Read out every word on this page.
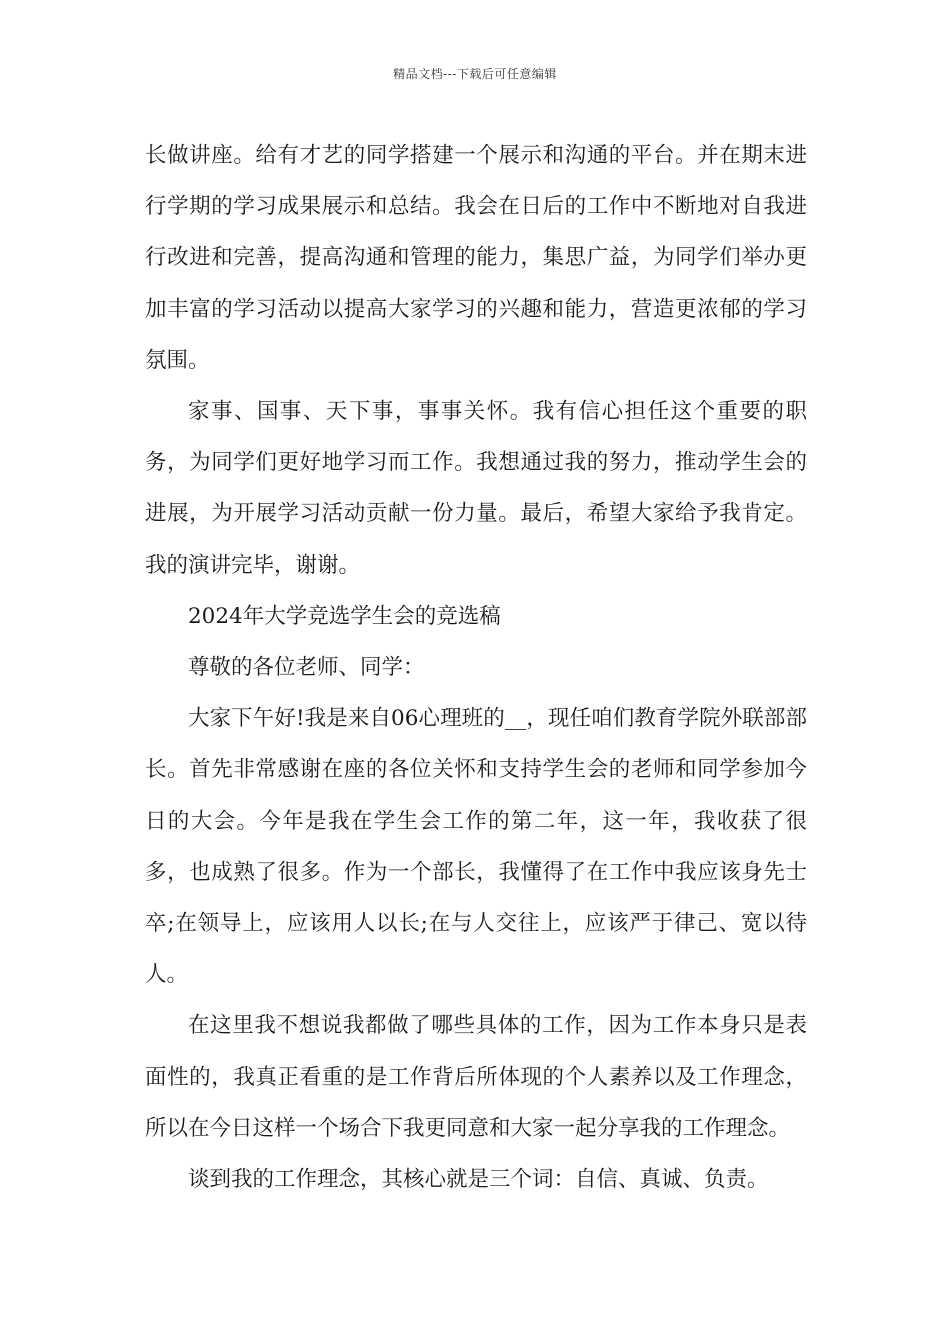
精品文档---下载后可任意编辑

长做讲座。给有才艺的同学搭建一个展示和沟通的平台。并在期末进行学期的学习成果展示和总结。我会在日后的工作中不断地对自我进行改进和完善，提高沟通和管理的能力，集思广益，为同学们举办更加丰富的学习活动以提高大家学习的兴趣和能力，营造更浓郁的学习氛围。

家事、国事、天下事，事事关怀。我有信心担任这个重要的职务，为同学们更好地学习而工作。我想通过我的努力，推动学生会的进展，为开展学习活动贡献一份力量。最后，希望大家给予我肯定。我的演讲完毕，谢谢。

2024年大学竞选学生会的竞选稿

尊敬的各位老师、同学：

大家下午好!我是来自06心理班的__，现任咱们教育学院外联部部长。首先非常感谢在座的各位关怀和支持学生会的老师和同学参加今日的大会。今年是我在学生会工作的第二年，这一年，我收获了很多，也成熟了很多。作为一个部长，我懂得了在工作中我应该身先士卒;在领导上，应该用人以长;在与人交往上，应该严于律己、宽以待人。

在这里我不想说我都做了哪些具体的工作，因为工作本身只是表面性的，我真正看重的是工作背后所体现的个人素养以及工作理念，所以在今日这样一个场合下我更同意和大家一起分享我的工作理念。

谈到我的工作理念，其核心就是三个词：自信、真诚、负责。
